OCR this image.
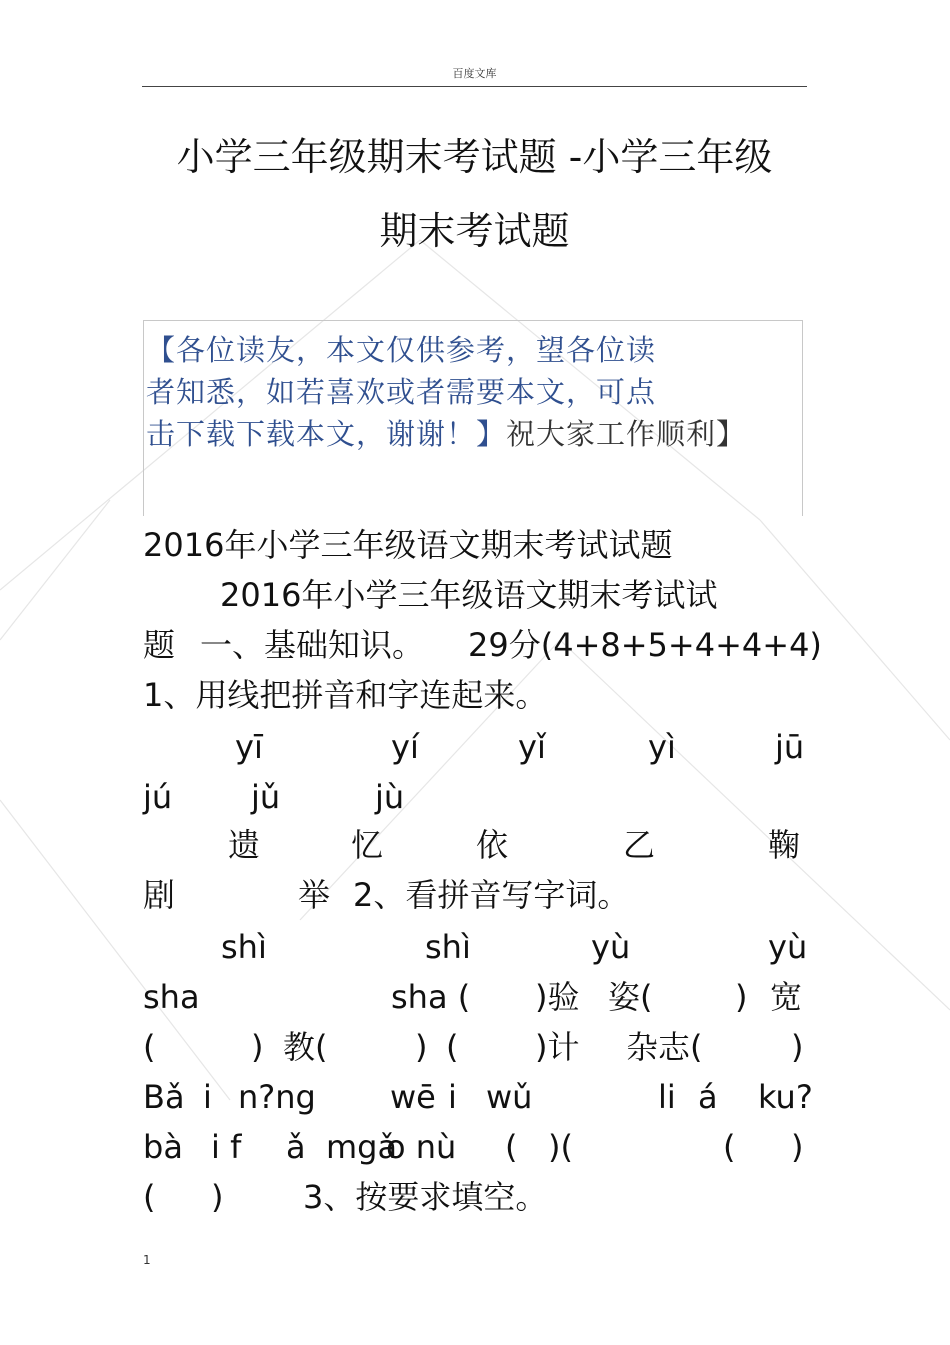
百度文库
小学三年级期末考试题 -小学三年级
期末考试题
【各位读友，本文仅供参考，望各位读
者知悉，如若喜欢或者需要本文，可点
击下载下载本文，谢谢！】祝大家工作顺利】
2016年小学三年级语文期末考试试题
2016年小学三年级语文期末考试试
题 一、基础知识。 29分(4+8+5+4+4+4)
1、用线把拼音和字连起来。
yī	yí	yǐ	yì	jū
jú jǔ	jù
遗	忆	依	乙	鞠
剧	举 2、看拼音写字词。
shì	shì	yù	yù
sha	sha ( )验 姿(	) 宽
(	) 教(	) ( )计 杂志(	)
Bǎ i n?ng wē i wǔ	li á ku?
bà i f ǎ mgǎ
o nù ( )(	( )
( ) 3、按要求填空。
1
